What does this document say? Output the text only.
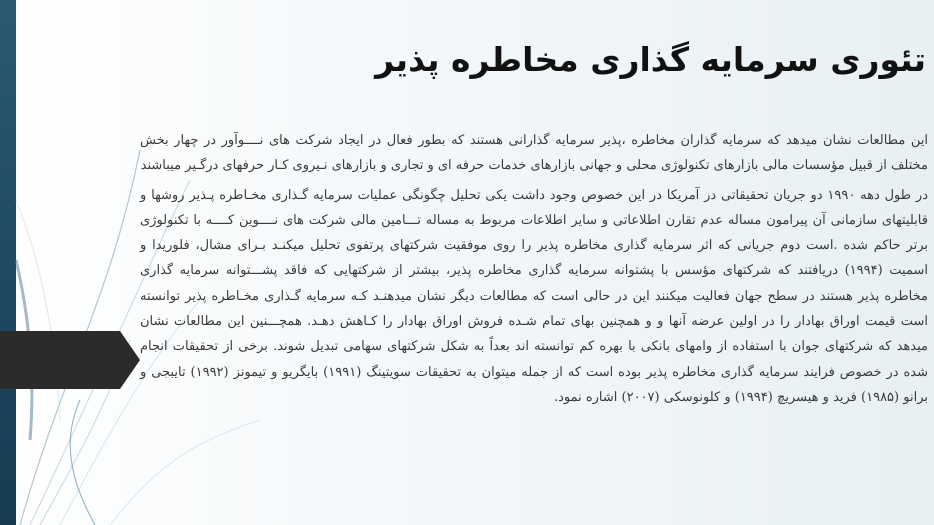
تئوری سرمایه گذاری مخاطره پذیر

این مطالعات نشان میدهد که سرمایه گذاران مخاطره ،پذیر سرمایه گذارانی هستند که بطور فعال در ایجاد شرکت های نــــوآور در چهار بخش مختلف از قبیل مؤسسات مالی بازارهای تکنولوژی محلی و جهانی بازارهای خدمات حرفه ای و تجاری و بازارهای نـیروی کـار حرفهای درگـیر میباشند

در طول دهه ۱۹۹۰ دو جریان تحقیقاتی در آمریکا در این خصوص وجود داشت یکی تحلیل چگونگی عملیات سرمایه گـذاری مخـاطره پـذیر روشها و قابلیتهای سازمانی آن پیرامون مساله عدم تقارن اطلاعاتی و سایر اطلاعات مربوط به مساله تـــامین مالی شرکت های نــــوین کــــه با تکنولوژی برتر حاکم شده .است دوم جریانی که اثر سرمایه گذاری مخاطره پذیر را روی موفقیت شرکتهای پرتفوی تحلیل میکنـد بـرای مشال، فلوریدا و اسمیت (۱۹۹۴) دریافتند که شرکتهای مؤسس با پشتوانه سرمایه گذاری مخاطره پذیر، بیشتر از شرکتهایی که فاقد پشـــتوانه سرمایه گذاری مخاطره پذیر هستند در سطح جهان فعالیت میکنند این در حالی است که مطالعات دیگر نشان میدهنـد کـه سرمایه گـذاری مخـاطره پذیر توانسته است قیمت اوراق بهادار را در اولین عرضه آنها و و همچنین بهای تمام شـده فروش اوراق بهادار را کـاهش دهـد. همچـــنین این مطالعات نشان میدهد که شرکتهای جوان با استفاده از وامهای بانکی با بهره کم توانسته اند بعداً به شکل شرکتهای سهامی تبدیل شوند. برخی از تحقیقات انجام شده در خصوص فرایند سرمایه گذاری مخاطره پذیر بوده است که از جمله میتوان به تحقیقات سویتینگ (۱۹۹۱) بایگریو و تیمونز (۱۹۹۲) تایبجی و برانو (۱۹۸۵) فرید و هیسریچ (۱۹۹۴) و کلونوسکی (۲۰۰۷) اشاره نمود.
